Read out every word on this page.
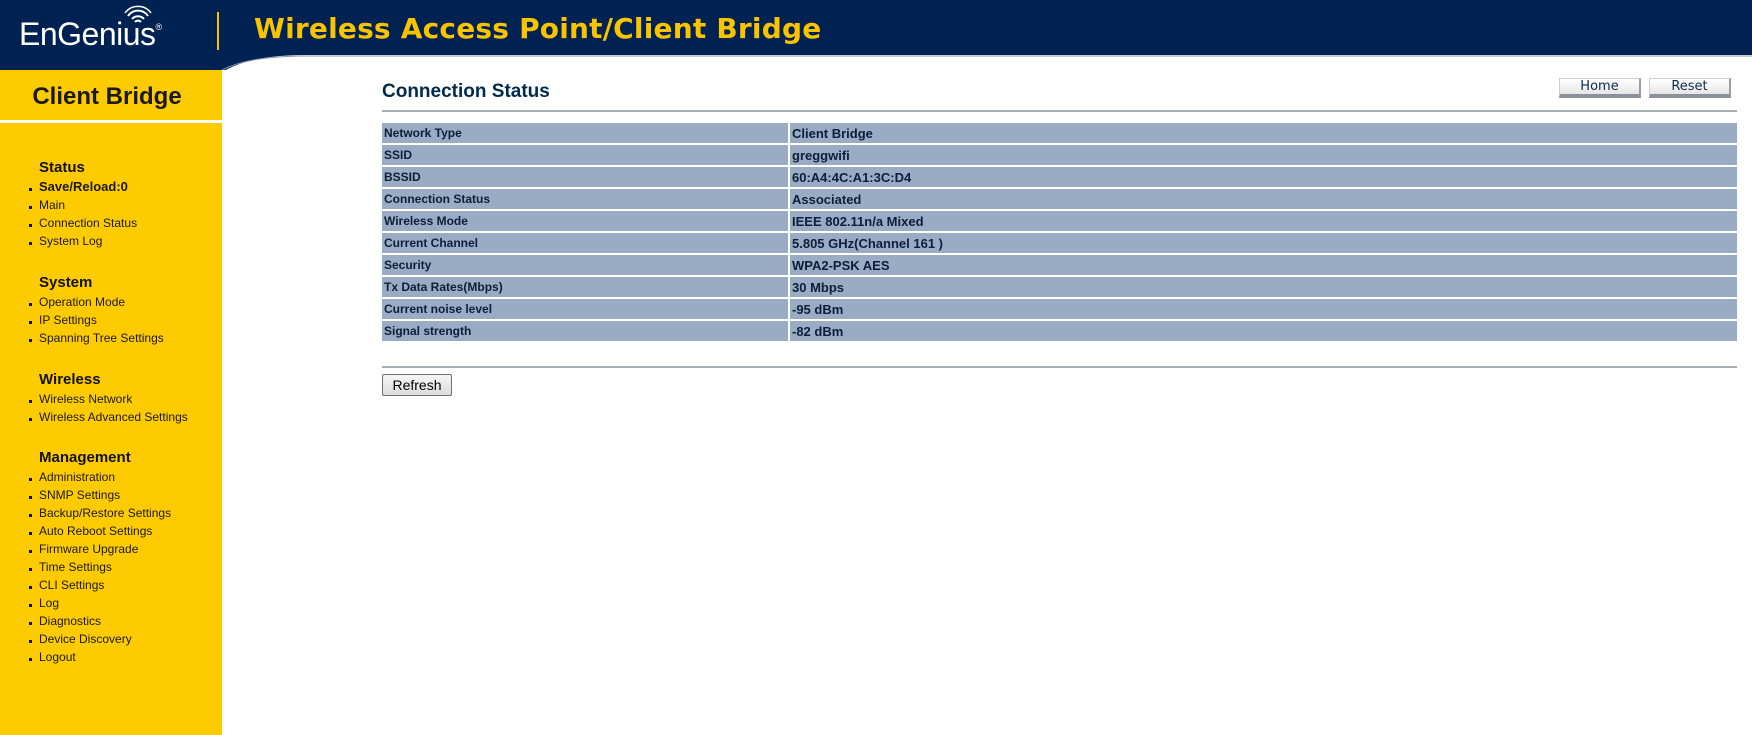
EnGenius®	Wireless Access Point/Client Bridge
Client Bridge
Status
Save/Reload:0
Main
Connection Status
System Log
System
Operation Mode
IP Settings
Spanning Tree Settings
Wireless
Wireless Network
Wireless Advanced Settings
Management
Administration
SNMP Settings
Backup/Restore Settings
Auto Reboot Settings
Firmware Upgrade
Time Settings
CLI Settings
Log
Diagnostics
Device Discovery
Logout
Connection Status	Home	Reset
Network Type	Client Bridge
SSID	greggwifi
BSSID	60:A4:4C:A1:3C:D4
Connection Status	Associated
Wireless Mode	IEEE 802.11n/a Mixed
Current Channel	5.805 GHz(Channel 161 )
Security	WPA2-PSK AES
Tx Data Rates(Mbps)	30 Mbps
Current noise level	-95 dBm
Signal strength	-82 dBm
Refresh
